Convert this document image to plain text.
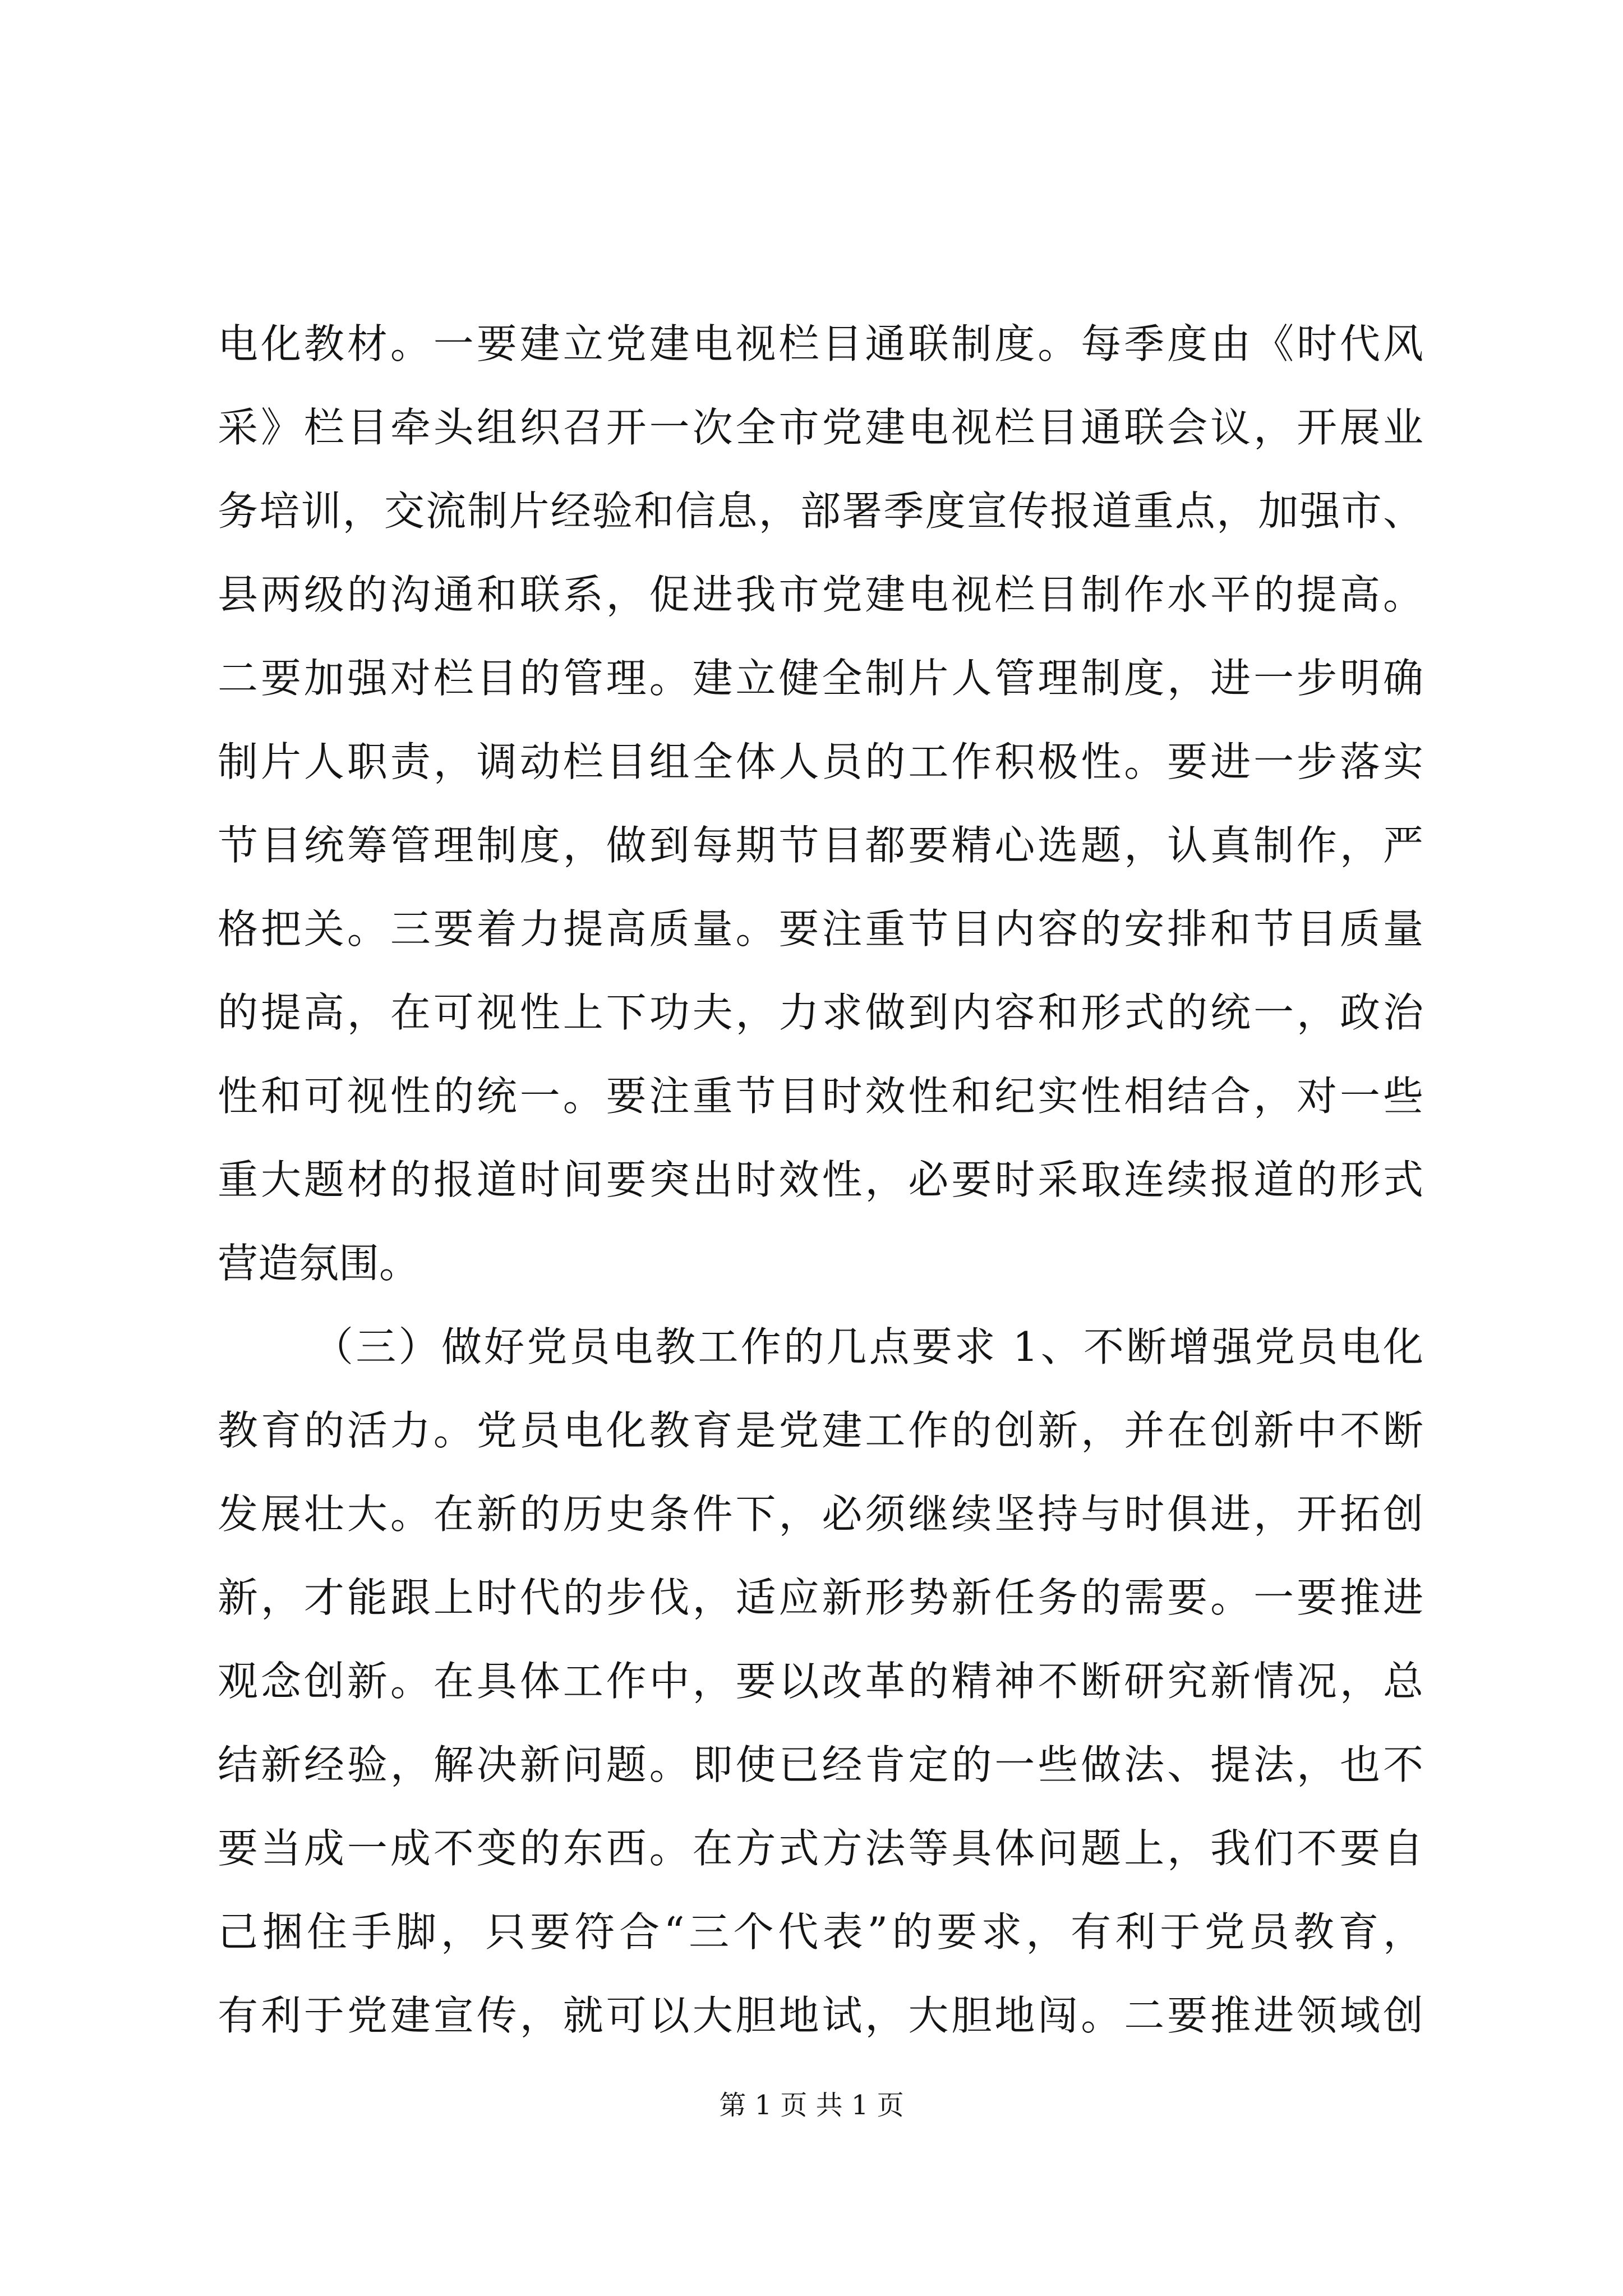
电化教材。一要建立党建电视栏目通联制度。每季度由《时代风
采》栏目牵头组织召开一次全市党建电视栏目通联会议，开展业
务培训，交流制片经验和信息，部署季度宣传报道重点，加强市、
县两级的沟通和联系，促进我市党建电视栏目制作水平的提高。
二要加强对栏目的管理。建立健全制片人管理制度，进一步明确
制片人职责，调动栏目组全体人员的工作积极性。要进一步落实
节目统筹管理制度，做到每期节目都要精心选题，认真制作，严
格把关。三要着力提高质量。要注重节目内容的安排和节目质量
的提高，在可视性上下功夫，力求做到内容和形式的统一，政治
性和可视性的统一。要注重节目时效性和纪实性相结合，对一些
重大题材的报道时间要突出时效性，必要时采取连续报道的形式
营造氛围。
（三）做好党员电教工作的几点要求 1、不断增强党员电化
教育的活力。党员电化教育是党建工作的创新，并在创新中不断
发展壮大。在新的历史条件下，必须继续坚持与时俱进，开拓创
新，才能跟上时代的步伐，适应新形势新任务的需要。一要推进
观念创新。在具体工作中，要以改革的精神不断研究新情况，总
结新经验，解决新问题。即使已经肯定的一些做法、提法，也不
要当成一成不变的东西。在方式方法等具体问题上，我们不要自
己捆住手脚，只要符合“三个代表”的要求，有利于党员教育，
有利于党建宣传，就可以大胆地试，大胆地闯。二要推进领域创
第 1 页 共 1 页
